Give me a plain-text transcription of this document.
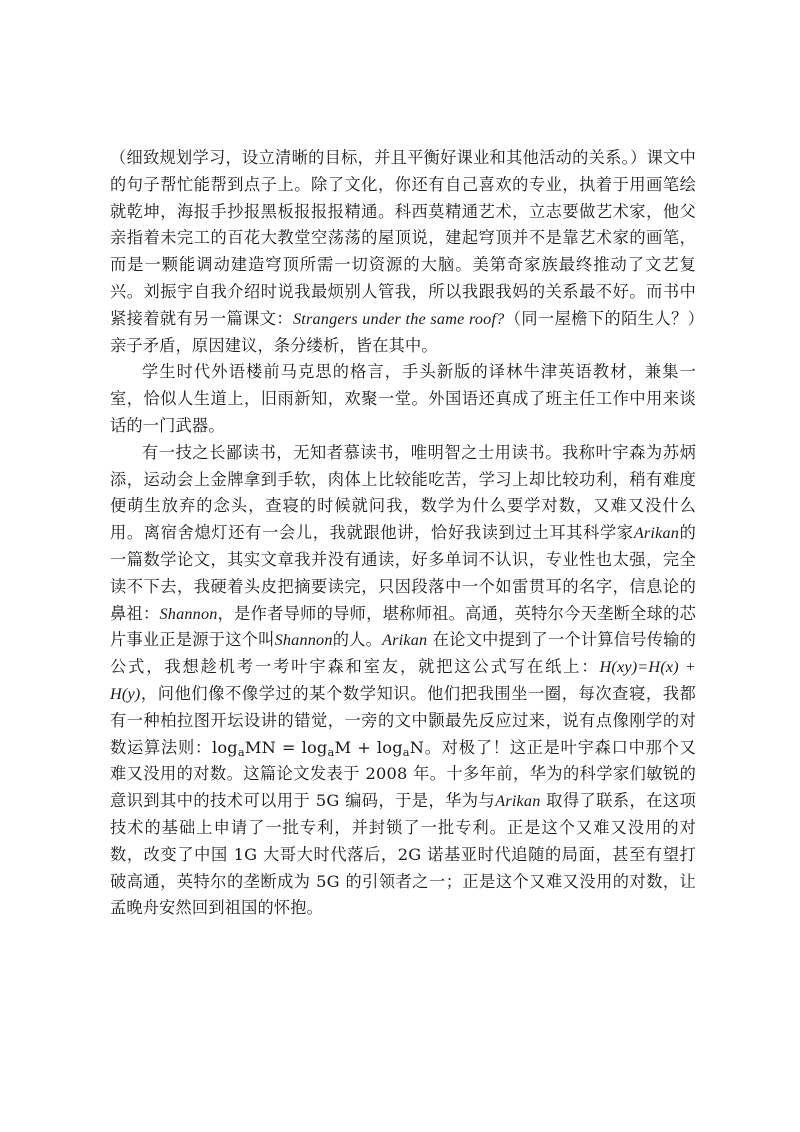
（细致规划学习，设立清晰的目标，并且平衡好课业和其他活动的关系。）课文中的句子帮忙能帮到点子上。除了文化，你还有自己喜欢的专业，执着于用画笔绘就乾坤，海报手抄报黑板报报报精通。科西莫精通艺术，立志要做艺术家，他父亲指着未完工的百花大教堂空荡荡的屋顶说，建起穹顶并不是靠艺术家的画笔，而是一颗能调动建造穹顶所需一切资源的大脑。美第奇家族最终推动了文艺复兴。刘振宇自我介绍时说我最烦别人管我，所以我跟我妈的关系最不好。而书中紧接着就有另一篇课文：Strangers under the same roof?（同一屋檐下的陌生人？）亲子矛盾，原因建议，条分缕析，皆在其中。

学生时代外语楼前马克思的格言，手头新版的译林牛津英语教材，兼集一室，恰似人生道上，旧雨新知，欢聚一堂。外国语还真成了班主任工作中用来谈话的一门武器。

有一技之长鄙读书，无知者慕读书，唯明智之士用读书。我称叶宇森为苏炳添，运动会上金牌拿到手软，肉体上比较能吃苦，学习上却比较功利，稍有难度便萌生放弃的念头，查寝的时候就问我，数学为什么要学对数，又难又没什么用。离宿舍熄灯还有一会儿，我就跟他讲，恰好我读到过土耳其科学家Arikan的一篇数学论文，其实文章我并没有通读，好多单词不认识，专业性也太强，完全读不下去，我硬着头皮把摘要读完，只因段落中一个如雷贯耳的名字，信息论的鼻祖：Shannon，是作者导师的导师，堪称师祖。高通，英特尔今天垄断全球的芯片事业正是源于这个叫Shannon的人。Arikan 在论文中提到了一个计算信号传输的公式，我想趁机考一考叶宇森和室友，就把这公式写在纸上：H(xy)=H(x) + H(y)，问他们像不像学过的某个数学知识。他们把我围坐一圈，每次查寝，我都有一种柏拉图开坛设讲的错觉，一旁的文中颢最先反应过来，说有点像刚学的对数运算法则：$\log_aMN = \log_aM + \log_aN$。对极了！这正是叶宇森口中那个又难又没用的对数。这篇论文发表于 2008 年。十多年前，华为的科学家们敏锐的意识到其中的技术可以用于 5G 编码，于是，华为与Arikan 取得了联系，在这项技术的基础上申请了一批专利，并封锁了一批专利。正是这个又难又没用的对数，改变了中国 1G 大哥大时代落后，2G 诺基亚时代追随的局面，甚至有望打破高通，英特尔的垄断成为 5G 的引领者之一；正是这个又难又没用的对数，让孟晚舟安然回到祖国的怀抱。
